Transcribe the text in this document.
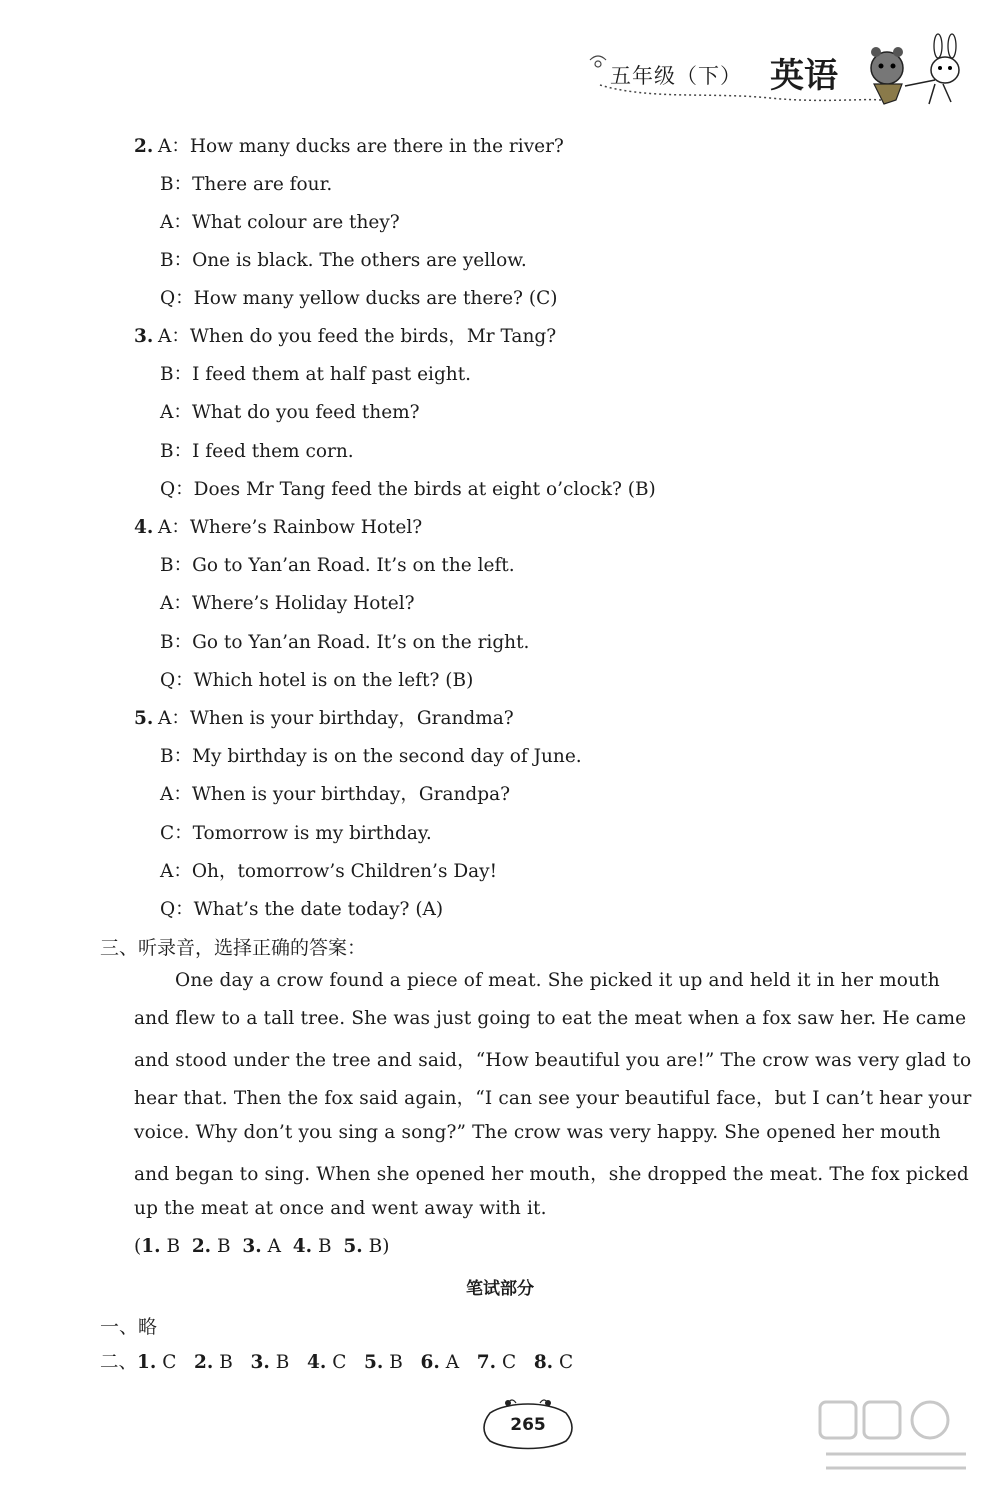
五年级（下） 英语
2. A：How many ducks are there in the river?
B：There are four.
A：What colour are they?
B：One is black. The others are yellow.
Q：How many yellow ducks are there? (C)
3. A：When do you feed the birds，Mr Tang?
B：I feed them at half past eight.
A：What do you feed them?
B：I feed them corn.
Q：Does Mr Tang feed the birds at eight o’clock? (B)
4. A：Where’s Rainbow Hotel?
B：Go to Yan’an Road. It’s on the left.
A：Where’s Holiday Hotel?
B：Go to Yan’an Road. It’s on the right.
Q：Which hotel is on the left? (B)
5. A：When is your birthday，Grandma?
B：My birthday is on the second day of June.
A：When is your birthday，Grandpa?
C：Tomorrow is my birthday.
A：Oh，tomorrow’s Children’s Day!
Q：What’s the date today? (A)
三、听录音，选择正确的答案：
One day a crow found a piece of meat. She picked it up and held it in her mouth
and flew to a tall tree. She was just going to eat the meat when a fox saw her. He came
and stood under the tree and said，“How beautiful you are!” The crow was very glad to
hear that. Then the fox said again，“I can see your beautiful face，but I can’t hear your
voice. Why don’t you sing a song?” The crow was very happy. She opened her mouth
and began to sing. When she opened her mouth，she dropped the meat. The fox picked
up the meat at once and went away with it.
(1. B 2. B 3. A 4. B 5. B)
笔试部分
一、略
二、1. C 2. B 3. B 4. C 5. B 6. A 7. C 8. C
265
